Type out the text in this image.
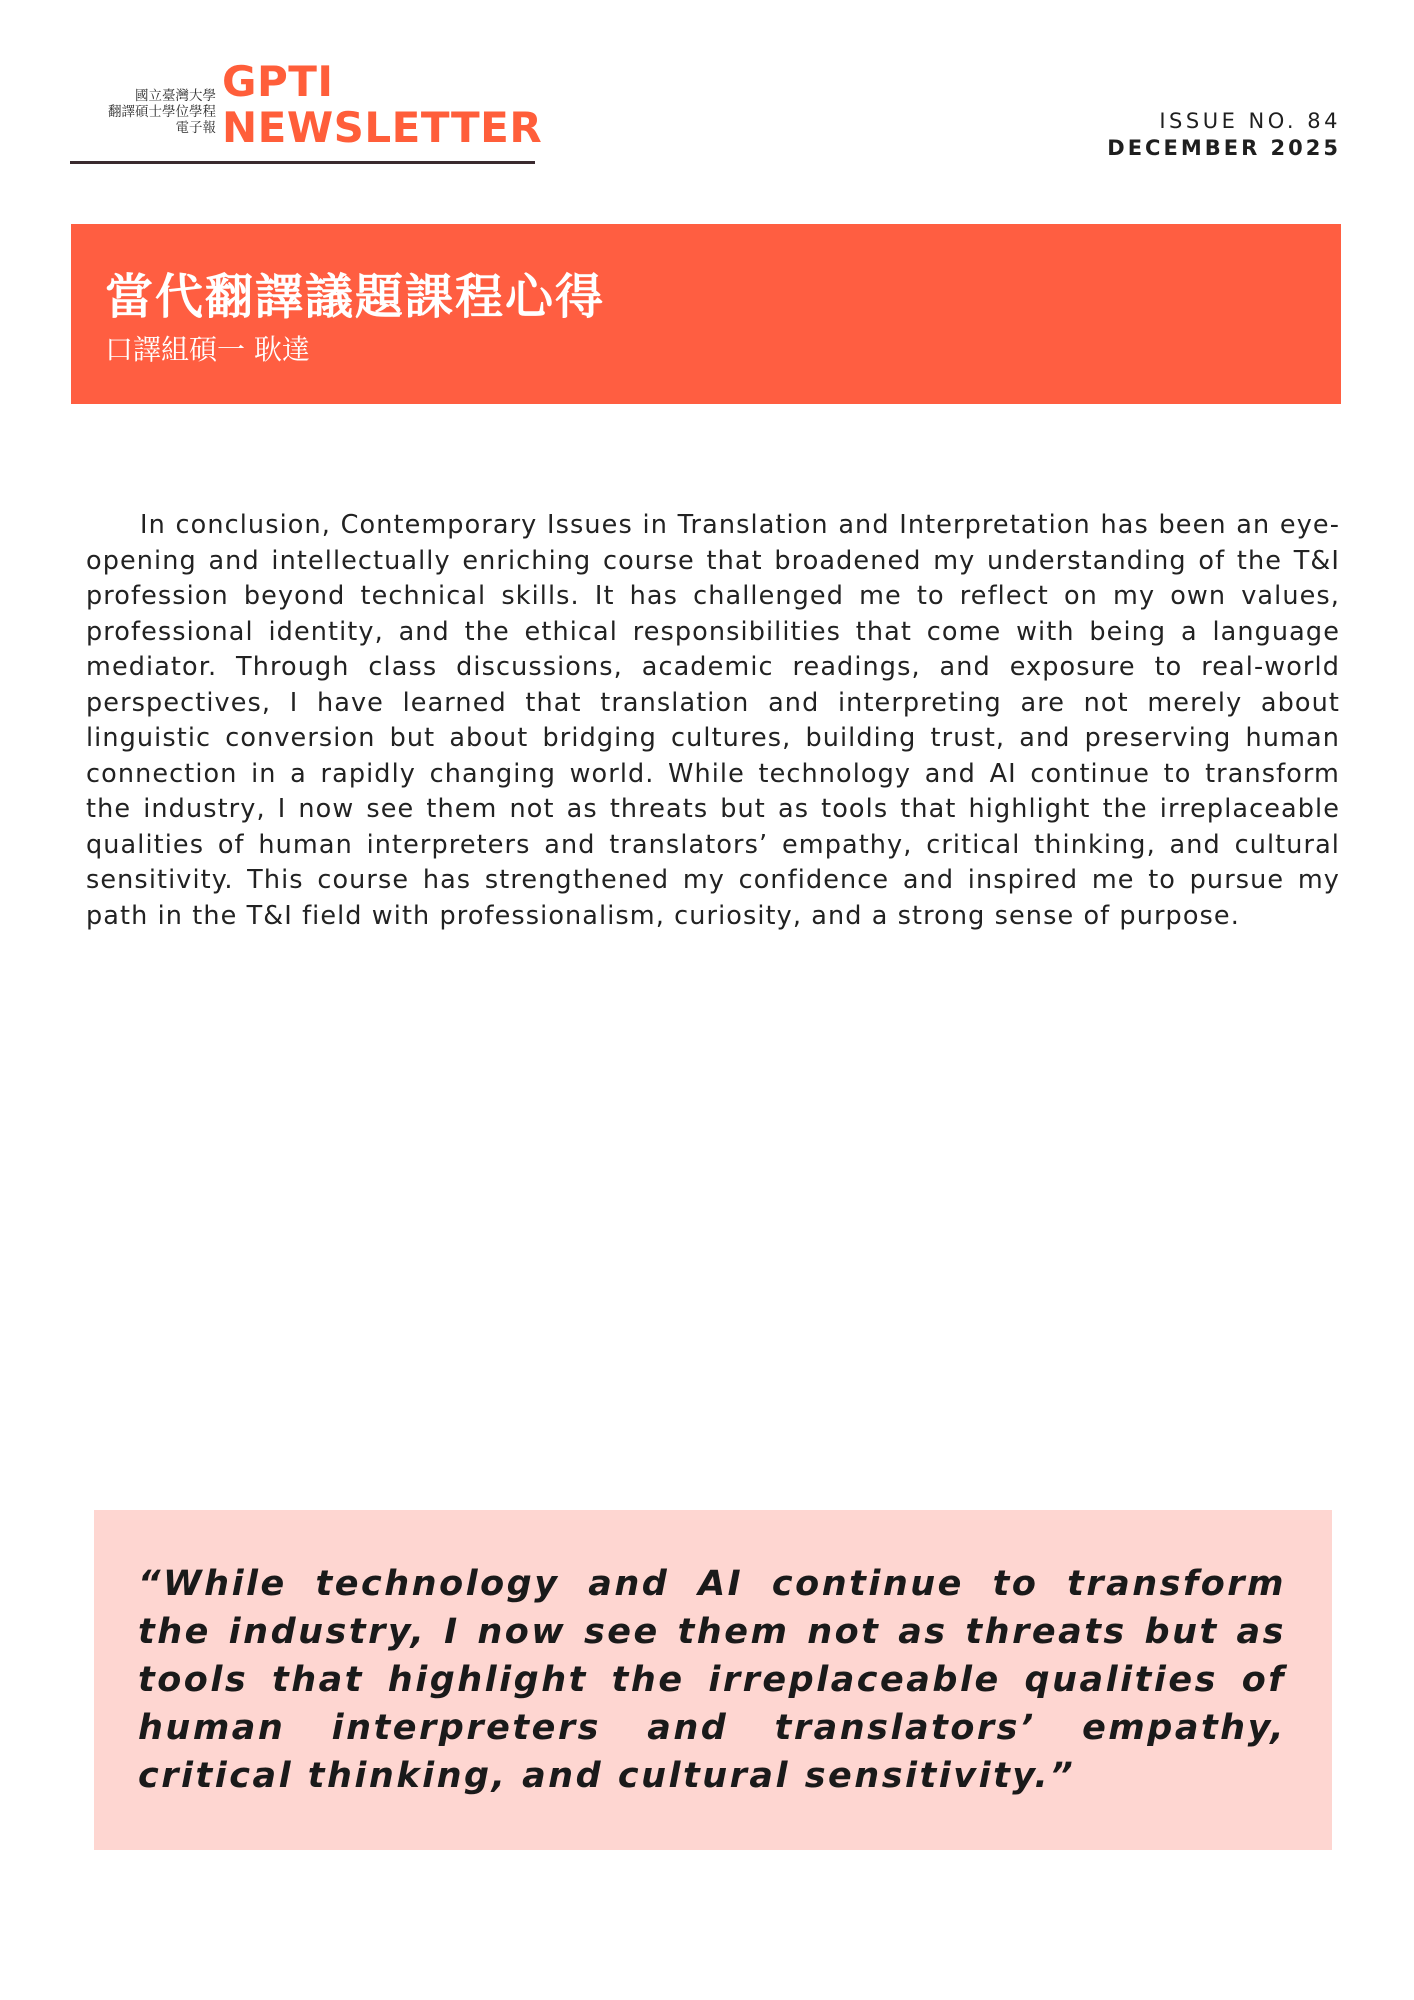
國立臺灣大學
翻譯碩士學位學程
電子報
GPTI
NEWSLETTER	ISSUE NO. 84
DECEMBER 2025
當代翻譯議題課程心得
口譯組碩一 耿達

In conclusion, Contemporary Issues in Translation and Interpretation has been an eye-opening and intellectually enriching course that broadened my understanding of the T&I profession beyond technical skills. It has challenged me to reflect on my own values, professional identity, and the ethical responsibilities that come with being a language mediator. Through class discussions, academic readings, and exposure to real-world perspectives, I have learned that translation and interpreting are not merely about linguistic conversion but about bridging cultures, building trust, and preserving human connection in a rapidly changing world. While technology and AI continue to transform the industry, I now see them not as threats but as tools that highlight the irreplaceable qualities of human interpreters and translators’ empathy, critical thinking, and cultural sensitivity. This course has strengthened my confidence and inspired me to pursue my path in the T&I field with professionalism, curiosity, and a strong sense of purpose.

“While technology and AI continue to transform the industry, I now see them not as threats but as tools that highlight the irreplaceable qualities of human interpreters and translators’ empathy, critical thinking, and cultural sensitivity.”
